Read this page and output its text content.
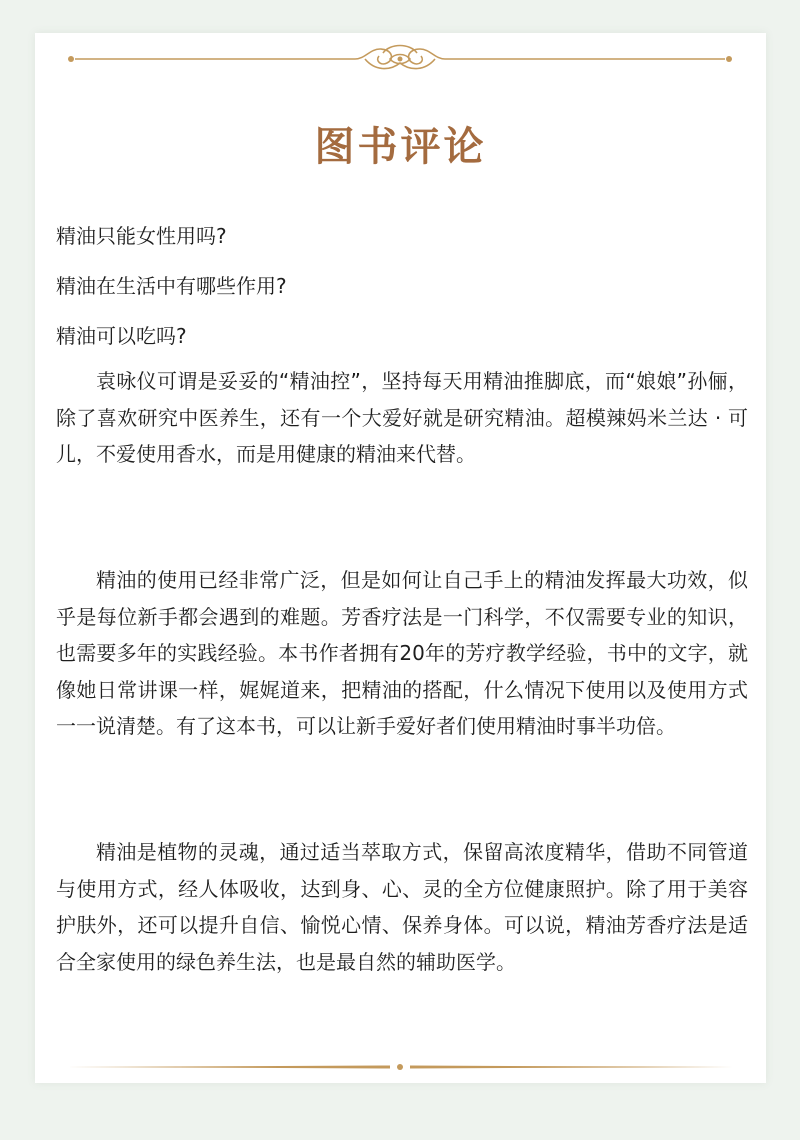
图书评论
精油只能女性用吗?
精油在生活中有哪些作用?
精油可以吃吗?

袁咏仪可谓是妥妥的“精油控”，坚持每天用精油推脚底，而“娘娘”孙俪，除了喜欢研究中医养生，还有一个大爱好就是研究精油。超模辣妈米兰达 · 可儿，不爱使用香水，而是用健康的精油来代替。

精油的使用已经非常广泛，但是如何让自己手上的精油发挥最大功效，似乎是每位新手都会遇到的难题。芳香疗法是一门科学，不仅需要专业的知识，也需要多年的实践经验。本书作者拥有20年的芳疗教学经验，书中的文字，就像她日常讲课一样，娓娓道来，把精油的搭配，什么情况下使用以及使用方式一一说清楚。有了这本书，可以让新手爱好者们使用精油时事半功倍。

精油是植物的灵魂，通过适当萃取方式，保留高浓度精华，借助不同管道与使用方式，经人体吸收，达到身、心、灵的全方位健康照护。除了用于美容护肤外，还可以提升自信、愉悦心情、保养身体。可以说，精油芳香疗法是适合全家使用的绿色养生法，也是最自然的辅助医学。
